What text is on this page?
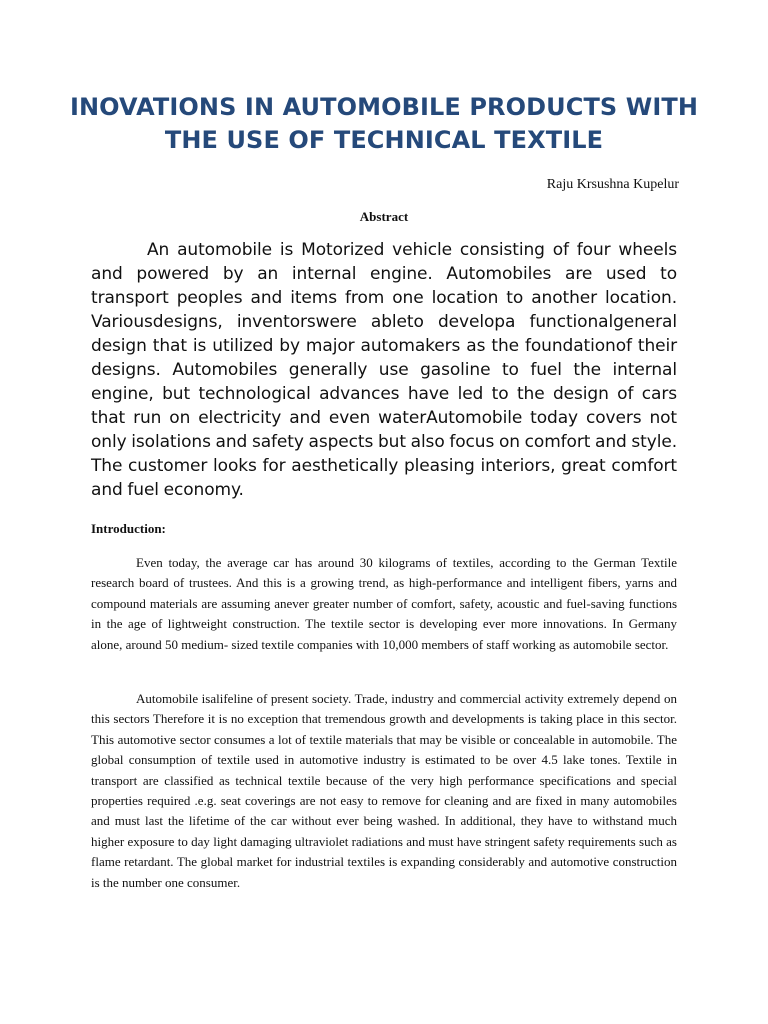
INOVATIONS IN AUTOMOBILE PRODUCTS WITH THE USE OF TECHNICAL TEXTILE

Raju Krsushna Kupelur

Abstract

An automobile is Motorized vehicle consisting of four wheels and powered by an internal engine. Automobiles are used to transport peoples and items from one location to another location. Variousdesigns, inventorswere ableto developa functionalgeneral design that is utilized by major automakers as the foundationof their designs. Automobiles generally use gasoline to fuel the internal engine, but technological advances have led to the design of cars that run on electricity and even waterAutomobile today covers not only isolations and safety aspects but also focus on comfort and style. The customer looks for aesthetically pleasing interiors, great comfort and fuel economy.

Introduction:

Even today, the average car has around 30 kilograms of textiles, according to the German Textile research board of trustees. And this is a growing trend, as high-performance and intelligent fibers, yarns and compound materials are assuming anever greater number of comfort, safety, acoustic and fuel-saving functions in the age of lightweight construction. The textile sector is developing ever more innovations. In Germany alone, around 50 medium- sized textile companies with 10,000 members of staff working as automobile sector.

Automobile isalifeline of present society. Trade, industry and commercial activity extremely depend on this sectors Therefore it is no exception that tremendous growth and developments is taking place in this sector. This automotive sector consumes a lot of textile materials that may be visible or concealable in automobile. The global consumption of textile used in automotive industry is estimated to be over 4.5 lake tones. Textile in transport are classified as technical textile because of the very high performance specifications and special properties required .e.g. seat coverings are not easy to remove for cleaning and are fixed in many automobiles and must last the lifetime of the car without ever being washed. In additional, they have to withstand much higher exposure to day light damaging ultraviolet radiations and must have stringent safety requirements such as flame retardant. The global market for industrial textiles is expanding considerably and automotive construction is the number one consumer.
